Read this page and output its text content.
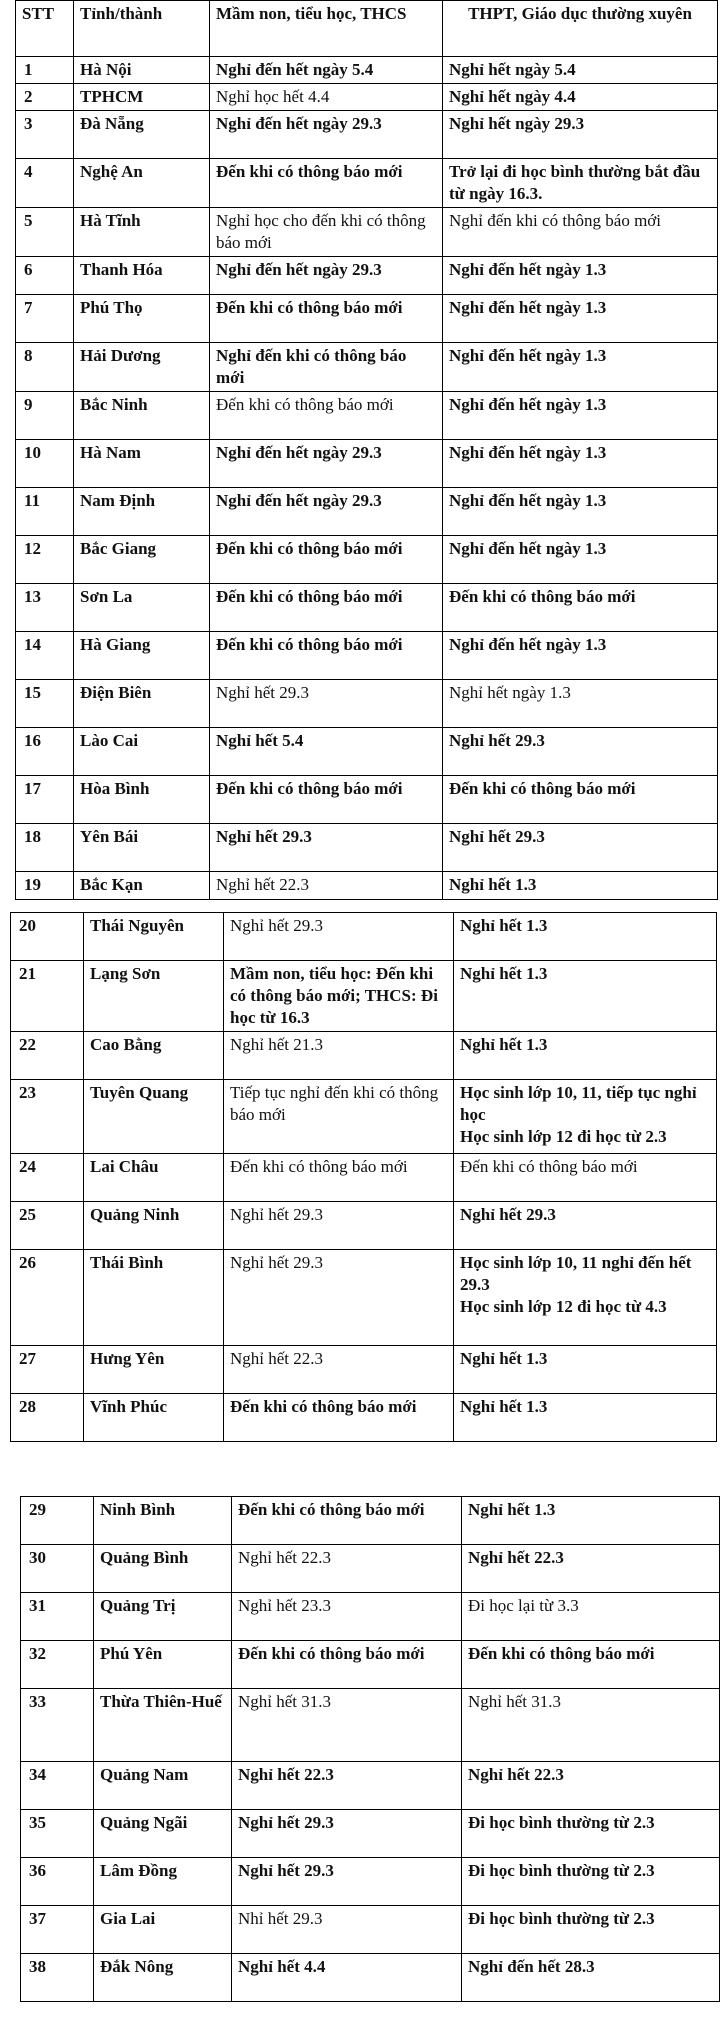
STT	Tỉnh/thành	Mầm non, tiểu học, THCS	THPT, Giáo dục thường xuyên
1	Hà Nội	Nghỉ đến hết ngày 5.4	Nghỉ hết ngày 5.4
2	TPHCM	Nghỉ học hết 4.4	Nghỉ hết ngày 4.4
3	Đà Nẵng	Nghỉ đến hết ngày 29.3	Nghỉ hết ngày 29.3
4	Nghệ An	Đến khi có thông báo mới	Trở lại đi học bình thường bắt đầu từ ngày 16.3.
5	Hà Tĩnh	Nghỉ học cho đến khi có thông báo mới	Nghỉ đến khi có thông báo mới
6	Thanh Hóa	Nghỉ đến hết ngày 29.3	Nghỉ đến hết ngày 1.3
7	Phú Thọ	Đến khi có thông báo mới	Nghỉ đến hết ngày 1.3
8	Hải Dương	Nghỉ đến khi có thông báo mới	Nghỉ đến hết ngày 1.3
9	Bắc Ninh	Đến khi có thông báo mới	Nghỉ đến hết ngày 1.3
10	Hà Nam	Nghỉ đến hết ngày 29.3	Nghỉ đến hết ngày 1.3
11	Nam Định	Nghỉ đến hết ngày 29.3	Nghỉ đến hết ngày 1.3
12	Bắc Giang	Đến khi có thông báo mới	Nghỉ đến hết ngày 1.3
13	Sơn La	Đến khi có thông báo mới	Đến khi có thông báo mới
14	Hà Giang	Đến khi có thông báo mới	Nghỉ đến hết ngày 1.3
15	Điện Biên	Nghỉ hết 29.3	Nghỉ hết ngày 1.3
16	Lào Cai	Nghỉ hết 5.4	Nghỉ hết 29.3
17	Hòa Bình	Đến khi có thông báo mới	Đến khi có thông báo mới
18	Yên Bái	Nghỉ hết 29.3	Nghỉ hết 29.3
19	Bắc Kạn	Nghỉ hết 22.3	Nghỉ hết 1.3
20	Thái Nguyên	Nghỉ hết 29.3	Nghỉ hết 1.3
21	Lạng Sơn	Mầm non, tiểu học: Đến khi có thông báo mới; THCS: Đi học từ 16.3	Nghỉ hết 1.3
22	Cao Bằng	Nghỉ hết 21.3	Nghỉ hết 1.3
23	Tuyên Quang	Tiếp tục nghỉ đến khi có thông báo mới	Học sinh lớp 10, 11, tiếp tục nghỉ học
Học sinh lớp 12 đi học từ 2.3

24	Lai Châu	Đến khi có thông báo mới	Đến khi có thông báo mới
25	Quảng Ninh	Nghỉ hết 29.3	Nghỉ hết 29.3
26	Thái Bình	Nghỉ hết 29.3	Học sinh lớp 10, 11 nghỉ đến hết 29.3
Học sinh lớp 12 đi học từ 4.3

27	Hưng Yên	Nghỉ hết 22.3	Nghỉ hết 1.3
28	Vĩnh Phúc	Đến khi có thông báo mới	Nghỉ hết 1.3
29	Ninh Bình	Đến khi có thông báo mới	Nghỉ hết 1.3
30	Quảng Bình	Nghỉ hết 22.3	Nghỉ hết 22.3
31	Quảng Trị	Nghỉ hết 23.3	Đi học lại từ 3.3
32	Phú Yên	Đến khi có thông báo mới	Đến khi có thông báo mới
33	Thừa Thiên-Huế	Nghỉ hết 31.3	Nghỉ hết 31.3
34	Quảng Nam	Nghỉ hết 22.3	Nghỉ hết 22.3
35	Quảng Ngãi	Nghỉ hết 29.3	Đi học bình thường từ 2.3
36	Lâm Đồng	Nghỉ hết 29.3	Đi học bình thường từ 2.3
37	Gia Lai	Nhỉ hết 29.3	Đi học bình thường từ 2.3
38	Đắk Nông	Nghỉ hết 4.4	Nghỉ đến hết 28.3
